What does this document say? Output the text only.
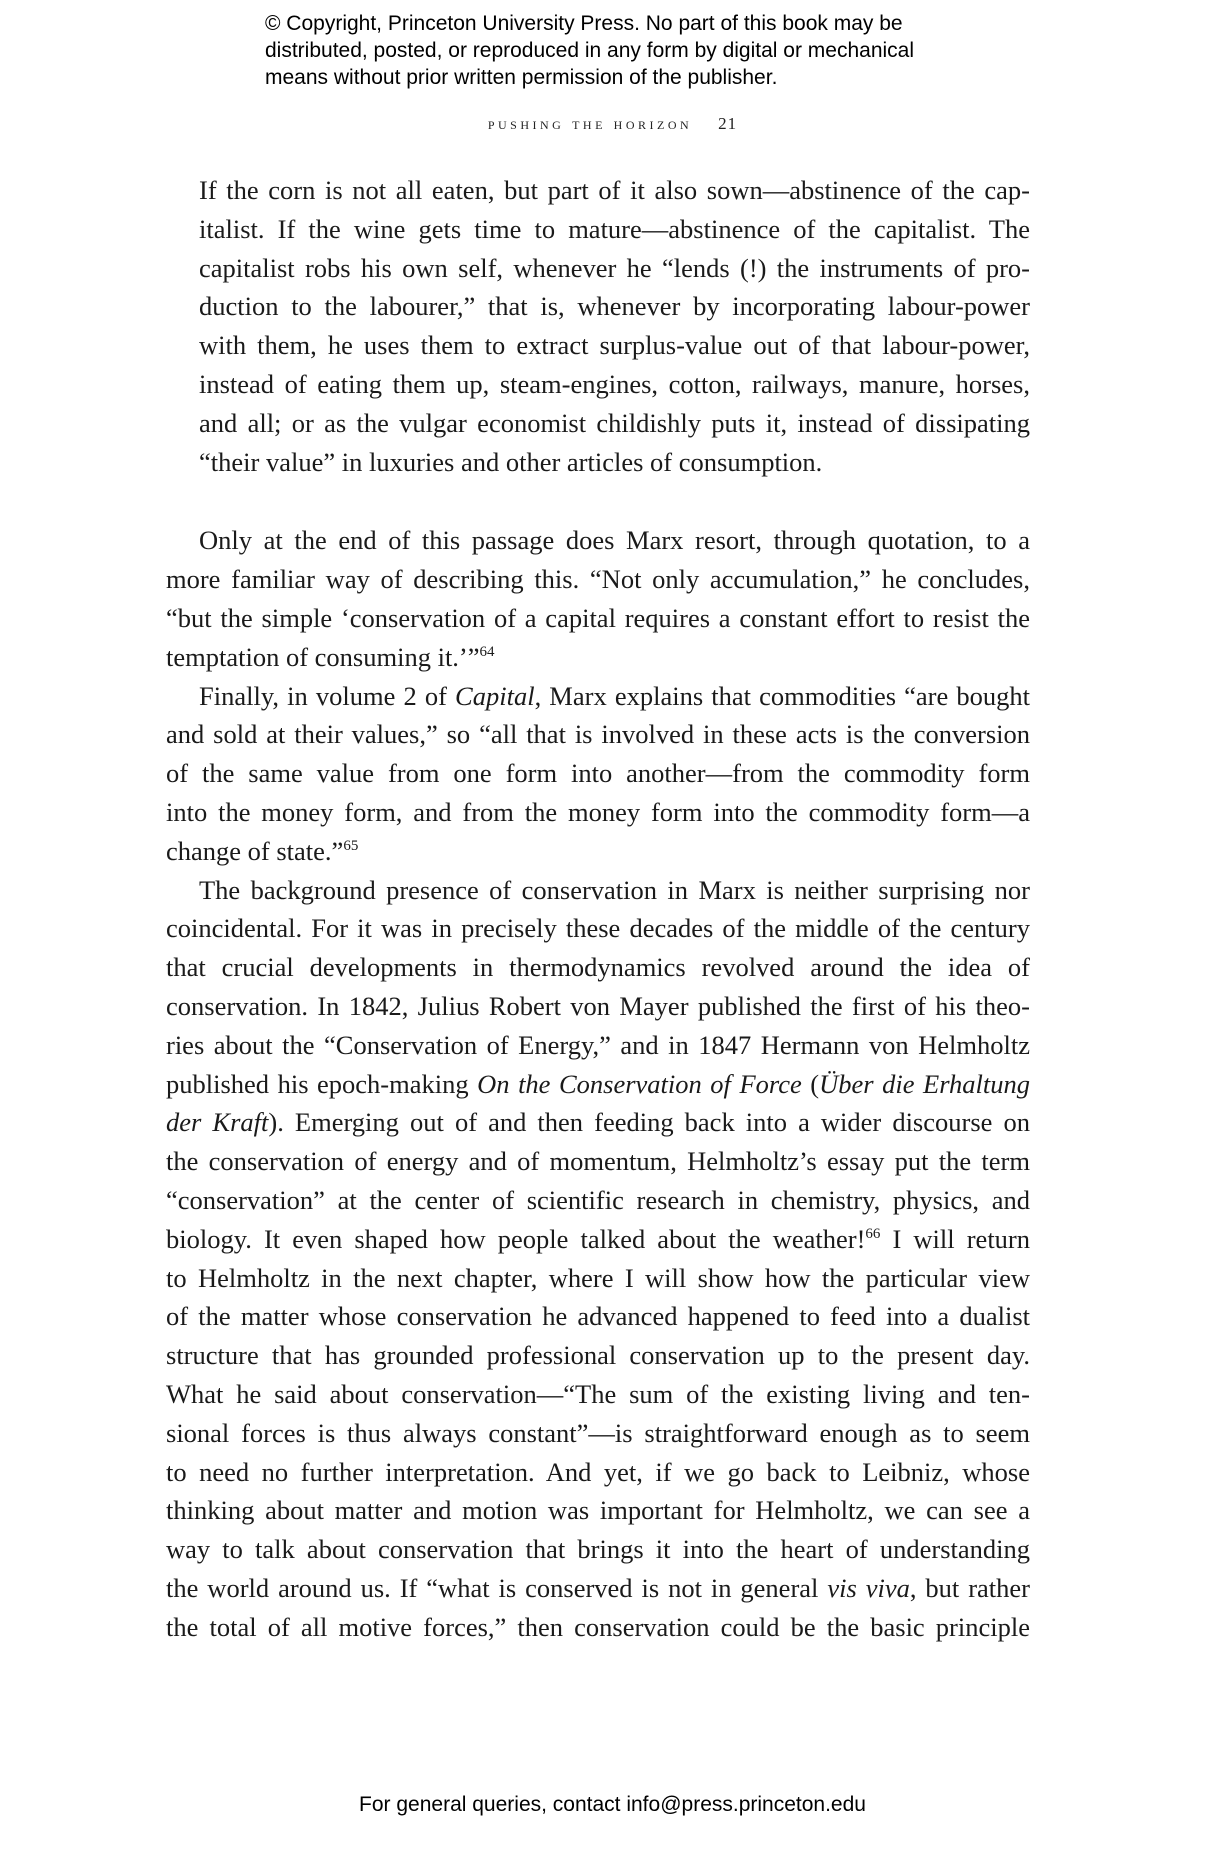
© Copyright, Princeton University Press. No part of this book may be
distributed, posted, or reproduced in any form by digital or mechanical
means without prior written permission of the publisher.
pushing the horizon 21
If the corn is not all eaten, but part of it also sown—abstinence of the cap-
italist. If the wine gets time to mature—abstinence of the capitalist. The
capitalist robs his own self, whenever he “lends (!) the instruments of pro-
duction to the labourer,” that is, whenever by incorporating labour-power
with them, he uses them to extract surplus-value out of that labour-power,
instead of eating them up, steam-engines, cotton, railways, manure, horses,
and all; or as the vulgar economist childishly puts it, instead of dissipating
“their value” in luxuries and other articles of consumption.
Only at the end of this passage does Marx resort, through quotation, to a
more familiar way of describing this. “Not only accumulation,” he concludes,
“but the simple ‘conservation of a capital requires a constant effort to resist the
temptation of consuming it.’”$^{64}$
Finally, in volume 2 of Capital, Marx explains that commodities “are bought
and sold at their values,” so “all that is involved in these acts is the conversion
of the same value from one form into another—from the commodity form
into the money form, and from the money form into the commodity form—a
change of state.”$^{65}$
The background presence of conservation in Marx is neither surprising nor
coincidental. For it was in precisely these decades of the middle of the century
that crucial developments in thermodynamics revolved around the idea of
conservation. In 1842, Julius Robert von Mayer published the first of his theo-
ries about the “Conservation of Energy,” and in 1847 Hermann von Helmholtz
published his epoch-making On the Conservation of Force (Über die Erhaltung
der Kraft). Emerging out of and then feeding back into a wider discourse on
the conservation of energy and of momentum, Helmholtz’s essay put the term
“conservation” at the center of scientific research in chemistry, physics, and
biology. It even shaped how people talked about the weather!$^{66}$ I will return
to Helmholtz in the next chapter, where I will show how the particular view
of the matter whose conservation he advanced happened to feed into a dualist
structure that has grounded professional conservation up to the present day.
What he said about conservation—“The sum of the existing living and ten-
sional forces is thus always constant”—is straightforward enough as to seem
to need no further interpretation. And yet, if we go back to Leibniz, whose
thinking about matter and motion was important for Helmholtz, we can see a
way to talk about conservation that brings it into the heart of understanding
the world around us. If “what is conserved is not in general vis viva, but rather
the total of all motive forces,” then conservation could be the basic principle
For general queries, contact info@press.princeton.edu
